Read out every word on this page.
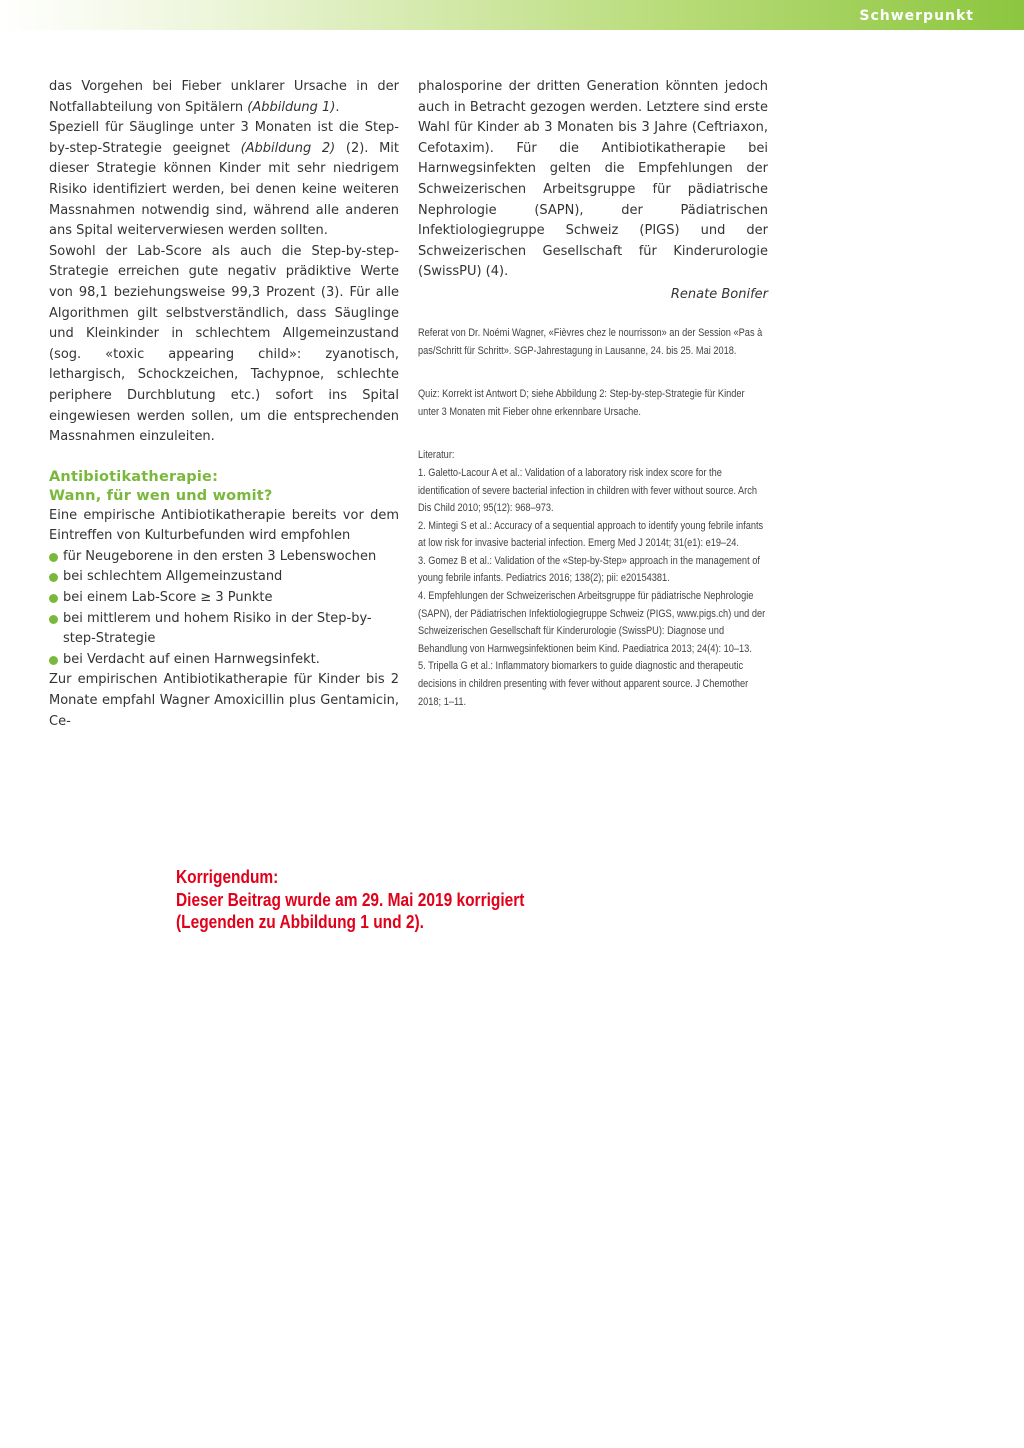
Schwerpunkt

das Vorgehen bei Fieber unklarer Ursache in der Notfallabteilung von Spitälern (Abbildung 1).

Speziell für Säuglinge unter 3 Monaten ist die Step-by-step-Strategie geeignet (Abbildung 2) (2). Mit dieser Strategie können Kinder mit sehr niedrigem Risiko identifiziert werden, bei denen keine weiteren Massnahmen notwendig sind, während alle anderen ans Spital weiterverwiesen werden sollten.

Sowohl der Lab-Score als auch die Step-by-step-Strategie erreichen gute negativ prädiktive Werte von 98,1 beziehungsweise 99,3 Prozent (3). Für alle Algorithmen gilt selbstverständlich, dass Säuglinge und Kleinkinder in schlechtem Allgemeinzustand (sog. «toxic appearing child»: zyanotisch, lethargisch, Schockzeichen, Tachypnoe, schlechte periphere Durchblutung etc.) sofort ins Spital eingewiesen werden sollen, um die entsprechenden Massnahmen einzuleiten.

Antibiotikatherapie:
Wann, für wen und womit?

Eine empirische Antibiotikatherapie bereits vor dem Eintreffen von Kulturbefunden wird empfohlen

für Neugeborene in den ersten 3 Lebenswochen
bei schlechtem Allgemeinzustand
bei einem Lab-Score ≥ 3 Punkte
bei mittlerem und hohem Risiko in der Step-by-step-Strategie
bei Verdacht auf einen Harnwegsinfekt.

Zur empirischen Antibiotikatherapie für Kinder bis 2 Monate empfahl Wagner Amoxicillin plus Gentamicin, Ce-

phalosporine der dritten Generation könnten jedoch auch in Betracht gezogen werden. Letztere sind erste Wahl für Kinder ab 3 Monaten bis 3 Jahre (Ceftriaxon, Cefotaxim). Für die Antibiotikatherapie bei Harnwegsinfekten gelten die Empfehlungen der Schweizerischen Arbeitsgruppe für pädiatrische Nephrologie (SAPN), der Pädiatrischen Infektiologiegruppe Schweiz (PIGS) und der Schweizerischen Gesellschaft für Kinderurologie (SwissPU) (4).

Renate Bonifer

Referat von Dr. Noémi Wagner, «Fièvres chez le nourrisson» an der Session «Pas à pas/Schritt für Schritt». SGP-Jahrestagung in Lausanne, 24. bis 25. Mai 2018.

Quiz: Korrekt ist Antwort D; siehe Abbildung 2: Step-by-step-Strategie für Kinder unter 3 Monaten mit Fieber ohne erkennbare Ursache.

Literatur:

1. Galetto-Lacour A et al.: Validation of a laboratory risk index score for the identification of severe bacterial infection in children with fever without source. Arch Dis Child 2010; 95(12): 968–973.

2. Mintegi S et al.: Accuracy of a sequential approach to identify young febrile infants at low risk for invasive bacterial infection. Emerg Med J 2014t; 31(e1): e19–24.

3. Gomez B et al.: Validation of the «Step-by-Step» approach in the management of young febrile infants. Pediatrics 2016; 138(2); pii: e20154381.

4. Empfehlungen der Schweizerischen Arbeitsgruppe für pädiatrische Nephrologie (SAPN), der Pädiatrischen Infektiologiegruppe Schweiz (PIGS, www.pigs.ch) und der Schweizerischen Gesellschaft für Kinderurologie (SwissPU): Diagnose und Behandlung von Harnwegsinfektionen beim Kind. Paediatrica 2013; 24(4): 10–13.

5. Tripella G et al.: Inflammatory biomarkers to guide diagnostic and therapeutic decisions in children presenting with fever without apparent source. J Chemother 2018; 1–11.

Korrigendum:
Dieser Beitrag wurde am 29. Mai 2019 korrigiert
(Legenden zu Abbildung 1 und 2).
